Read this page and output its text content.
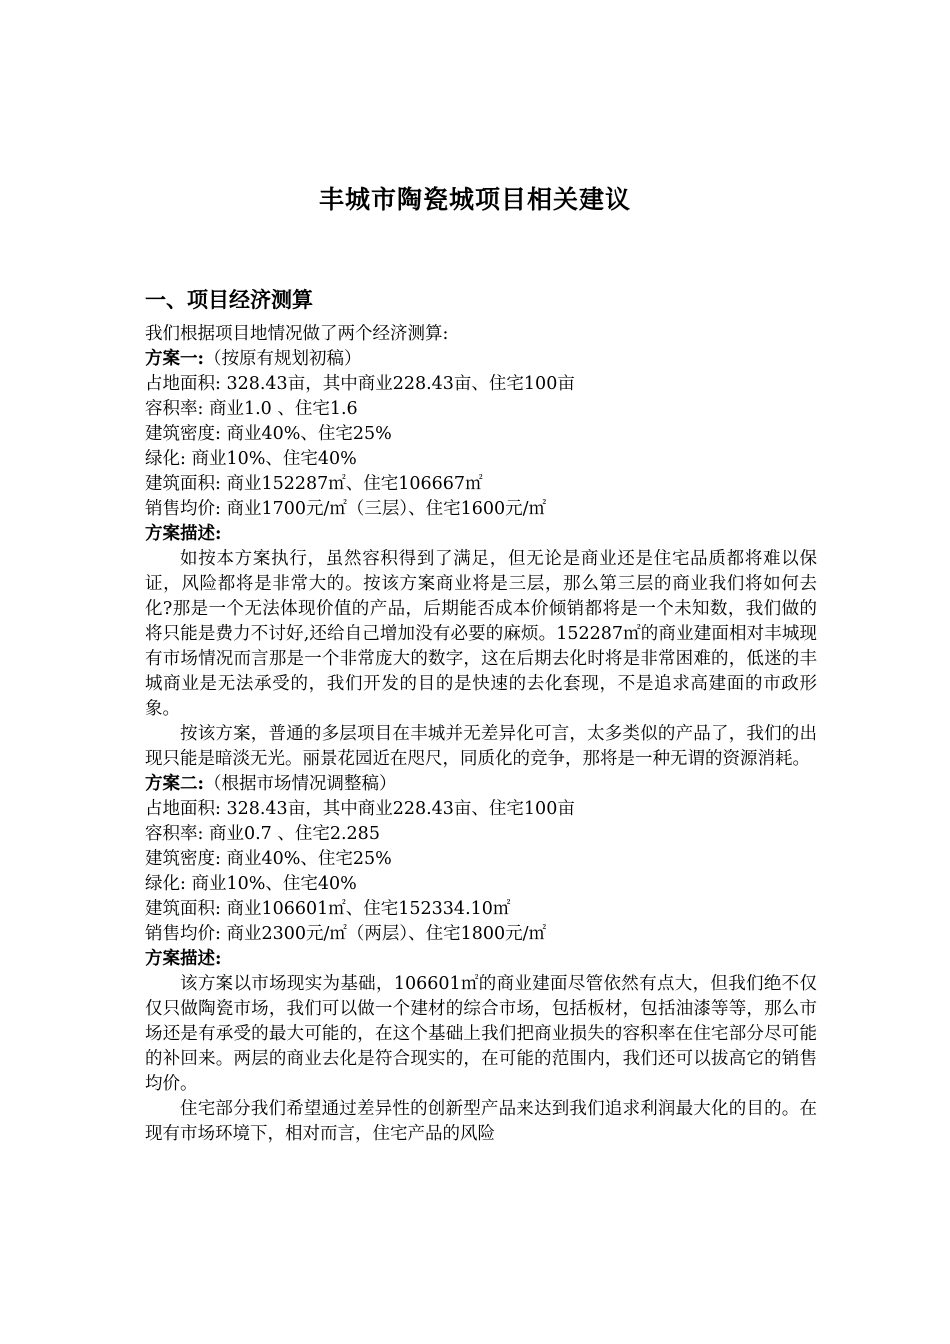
丰城市陶瓷城项目相关建议
一、项目经济测算
我们根据项目地情况做了两个经济测算:
方案一:（按原有规划初稿）
占地面积: 328.43亩，其中商业228.43亩、住宅100亩
容积率: 商业1.0 、住宅1.6
建筑密度: 商业40%、住宅25%
绿化: 商业10%、住宅40%
建筑面积: 商业152287㎡、住宅106667㎡
销售均价: 商业1700元/㎡（三层）、住宅1600元/㎡
方案描述:
如按本方案执行，虽然容积得到了满足，但无论是商业还是住宅品质都将难以保证，风险都将是非常大的。按该方案商业将是三层，那么第三层的商业我们将如何去化?那是一个无法体现价值的产品，后期能否成本价倾销都将是一个未知数，我们做的将只能是费力不讨好,还给自己增加没有必要的麻烦。152287㎡的商业建面相对丰城现有市场情况而言那是一个非常庞大的数字，这在后期去化时将是非常困难的，低迷的丰城商业是无法承受的，我们开发的目的是快速的去化套现，不是追求高建面的市政形象。
按该方案，普通的多层项目在丰城并无差异化可言，太多类似的产品了，我们的出现只能是暗淡无光。丽景花园近在咫尺，同质化的竞争，那将是一种无谓的资源消耗。
方案二:（根据市场情况调整稿）
占地面积: 328.43亩，其中商业228.43亩、住宅100亩
容积率: 商业0.7 、住宅2.285
建筑密度: 商业40%、住宅25%
绿化: 商业10%、住宅40%
建筑面积: 商业106601㎡、住宅152334.10㎡
销售均价: 商业2300元/㎡（两层）、住宅1800元/㎡
方案描述:
该方案以市场现实为基础，106601㎡的商业建面尽管依然有点大，但我们绝不仅仅只做陶瓷市场，我们可以做一个建材的综合市场，包括板材，包括油漆等等，那么市场还是有承受的最大可能的，在这个基础上我们把商业损失的容积率在住宅部分尽可能的补回来。两层的商业去化是符合现实的，在可能的范围内，我们还可以拔高它的销售均价。
住宅部分我们希望通过差异性的创新型产品来达到我们追求利润最大化的目的。在现有市场环境下，相对而言，住宅产品的风险
